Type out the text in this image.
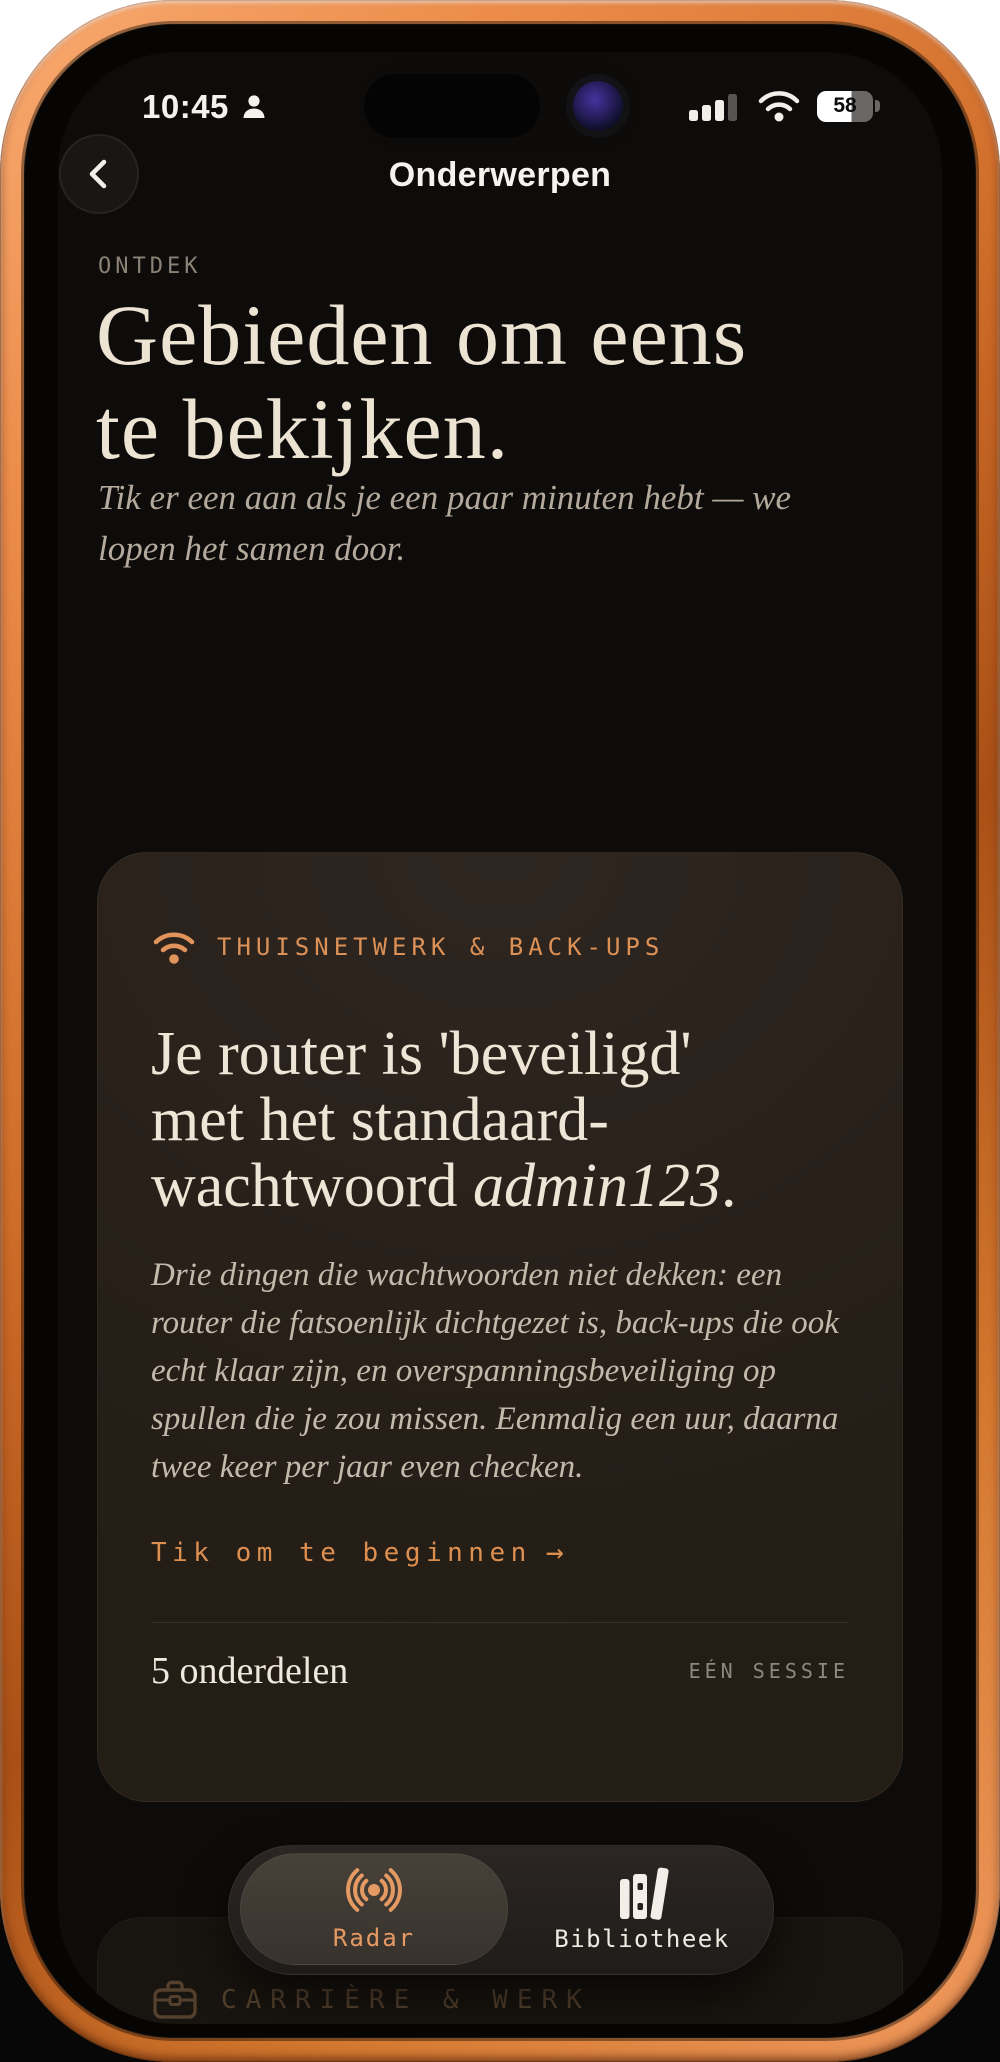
10:45	58
Onderwerpen
ONTDEK
Gebieden om eens
te bekijken.
Tik er een aan als je een paar minuten hebt — we
lopen het samen door.
THUISNETWERK & BACK-UPS
Je router is 'beveiligd'
met het standaard-
wachtwoord admin123.
Drie dingen die wachtwoorden niet dekken: een router die fatsoenlijk dichtgezet is, back-ups die ook echt klaar zijn, en overspanningsbeveiliging op spullen die je zou missen. Eenmalig een uur, daarna twee keer per jaar even checken.
Tik om te beginnen →
5 onderdelen	EÉN SESSIE
CARRIÈRE & WERK
Radar	Bibliotheek
